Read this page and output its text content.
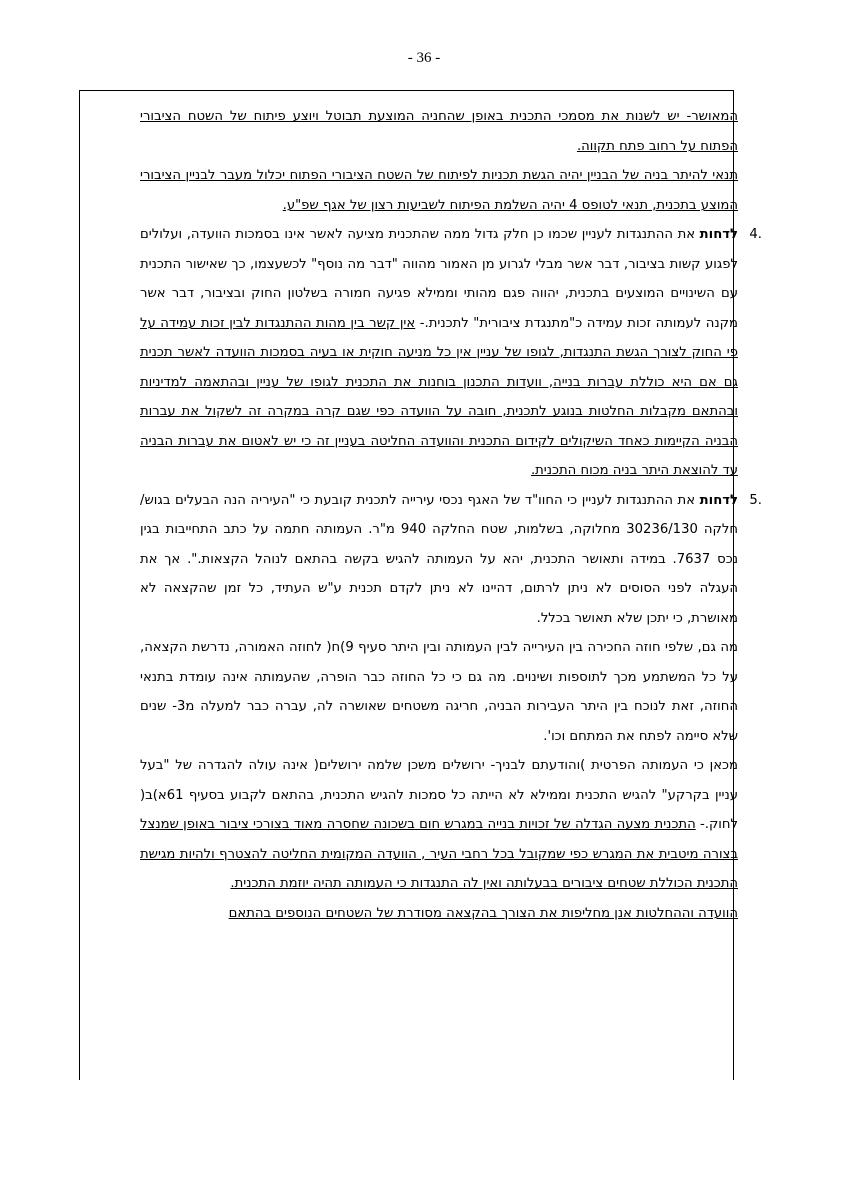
- 36 -

המאושר- יש לשנות את מסמכי התכנית באופן שהחניה המוצעת תבוטל ויוצע פיתוח של השטח הציבורי הפתוח על רחוב פתח תקווה.

תנאי להיתר בניה של הבניין יהיה הגשת תכניות לפיתוח של השטח הציבורי הפתוח יכלול מעבר לבניין הציבורי המוצע בתכנית, תנאי לטופס 4 יהיה השלמת הפיתוח לשביעות רצון של אגף שפ"ע.

4.
לדחות את ההתנגדות לעניין שכמו כן חלק גדול ממה שהתכנית מציעה לאשר אינו בסמכות הוועדה, ועלולים לפגוע קשות בציבור, דבר אשר מבלי לגרוע מן האמור מהווה "דבר מה נוסף" לכשעצמו, כך שאישור התכנית עם השינויים המוצעים בתכנית, יהווה פגם מהותי וממילא פגיעה חמורה בשלטון החוק ובציבור, דבר אשר מקנה לעמותה זכות עמידה כ"מתנגדת ציבורית" לתכנית.- אין קשר בין מהות ההתנגדות לבין זכות עמידה על פי החוק לצורך הגשת התנגדות, לגופו של עניין אין כל מניעה חוקית או בעיה בסמכות הוועדה לאשר תכנית גם אם היא כוללת עברות בנייה, וועדות התכנון בוחנות את התכנית לגופו של עניין ובהתאמה למדיניות ובהתאם מקבלות החלטות בנוגע לתכנית, חובה על הוועדה כפי שגם קרה במקרה זה לשקול את עברות הבניה הקיימות כאחד השיקולים לקידום התכנית והוועדה החליטה בעניין זה כי יש לאטום את עברות הבניה עד להוצאת היתר בניה מכוח התכנית.
5.
לדחות את ההתנגדות לעניין כי החוו"ד של האגף נכסי עירייה לתכנית קובעת כי "העיריה הנה הבעלים בגוש/ חלקה 30236/130 מחלוקה, בשלמות, שטח החלקה 940 מ"ר. העמותה חתמה על כתב התחייבות בגין נכס 7637. במידה ותאושר התכנית, יהא על העמותה להגיש בקשה בהתאם לנוהל הקצאות.". אך את העגלה לפני הסוסים לא ניתן לרתום, דהיינו לא ניתן לקדם תכנית ע"ש העתיד, כל זמן שהקצאה לא מאושרת, כי יתכן שלא תאושר בכלל.

מה גם, שלפי חוזה החכירה בין העירייה לבין העמותה ובין היתר סעיף 9)ח( לחוזה האמורה, נדרשת הקצאה, על כל המשתמע מכך לתוספות ושינוים. מה גם כי כל החוזה כבר הופרה, שהעמותה אינה עומדת בתנאי החוזה, זאת לנוכח בין היתר העבירות הבניה, חריגה משטחים שאושרה לה, עברה כבר למעלה מ3- שנים שלא סיימה לפתח את המתחם וכו'.

מכאן כי העמותה הפרטית )והודעתם לבניך- ירושלים משכן שלמה ירושלים( אינה עולה להגדרה של "בעל עניין בקרקע" להגיש התכנית וממילא לא הייתה כל סמכות להגיש התכנית, בהתאם לקבוע בסעיף 61א)ב( לחוק.- התכנית מצעה הגדלה של זכויות בנייה במגרש חום בשכונה שחסרה מאוד בצורכי ציבור באופן שמנצל בצורה מיטבית את המגרש כפי שמקובל בכל רחבי העיר , הוועדה המקומית החליטה להצטרף ולהיות מגישת התכנית הכוללת שטחים ציבורים בבעלותה ואין לה התנגדות כי העמותה תהיה יוזמת התכנית.

הוועדה וההחלטות אנן מחליפות את הצורך בהקצאה מסודרת של השטחים הנוספים בהתאם
